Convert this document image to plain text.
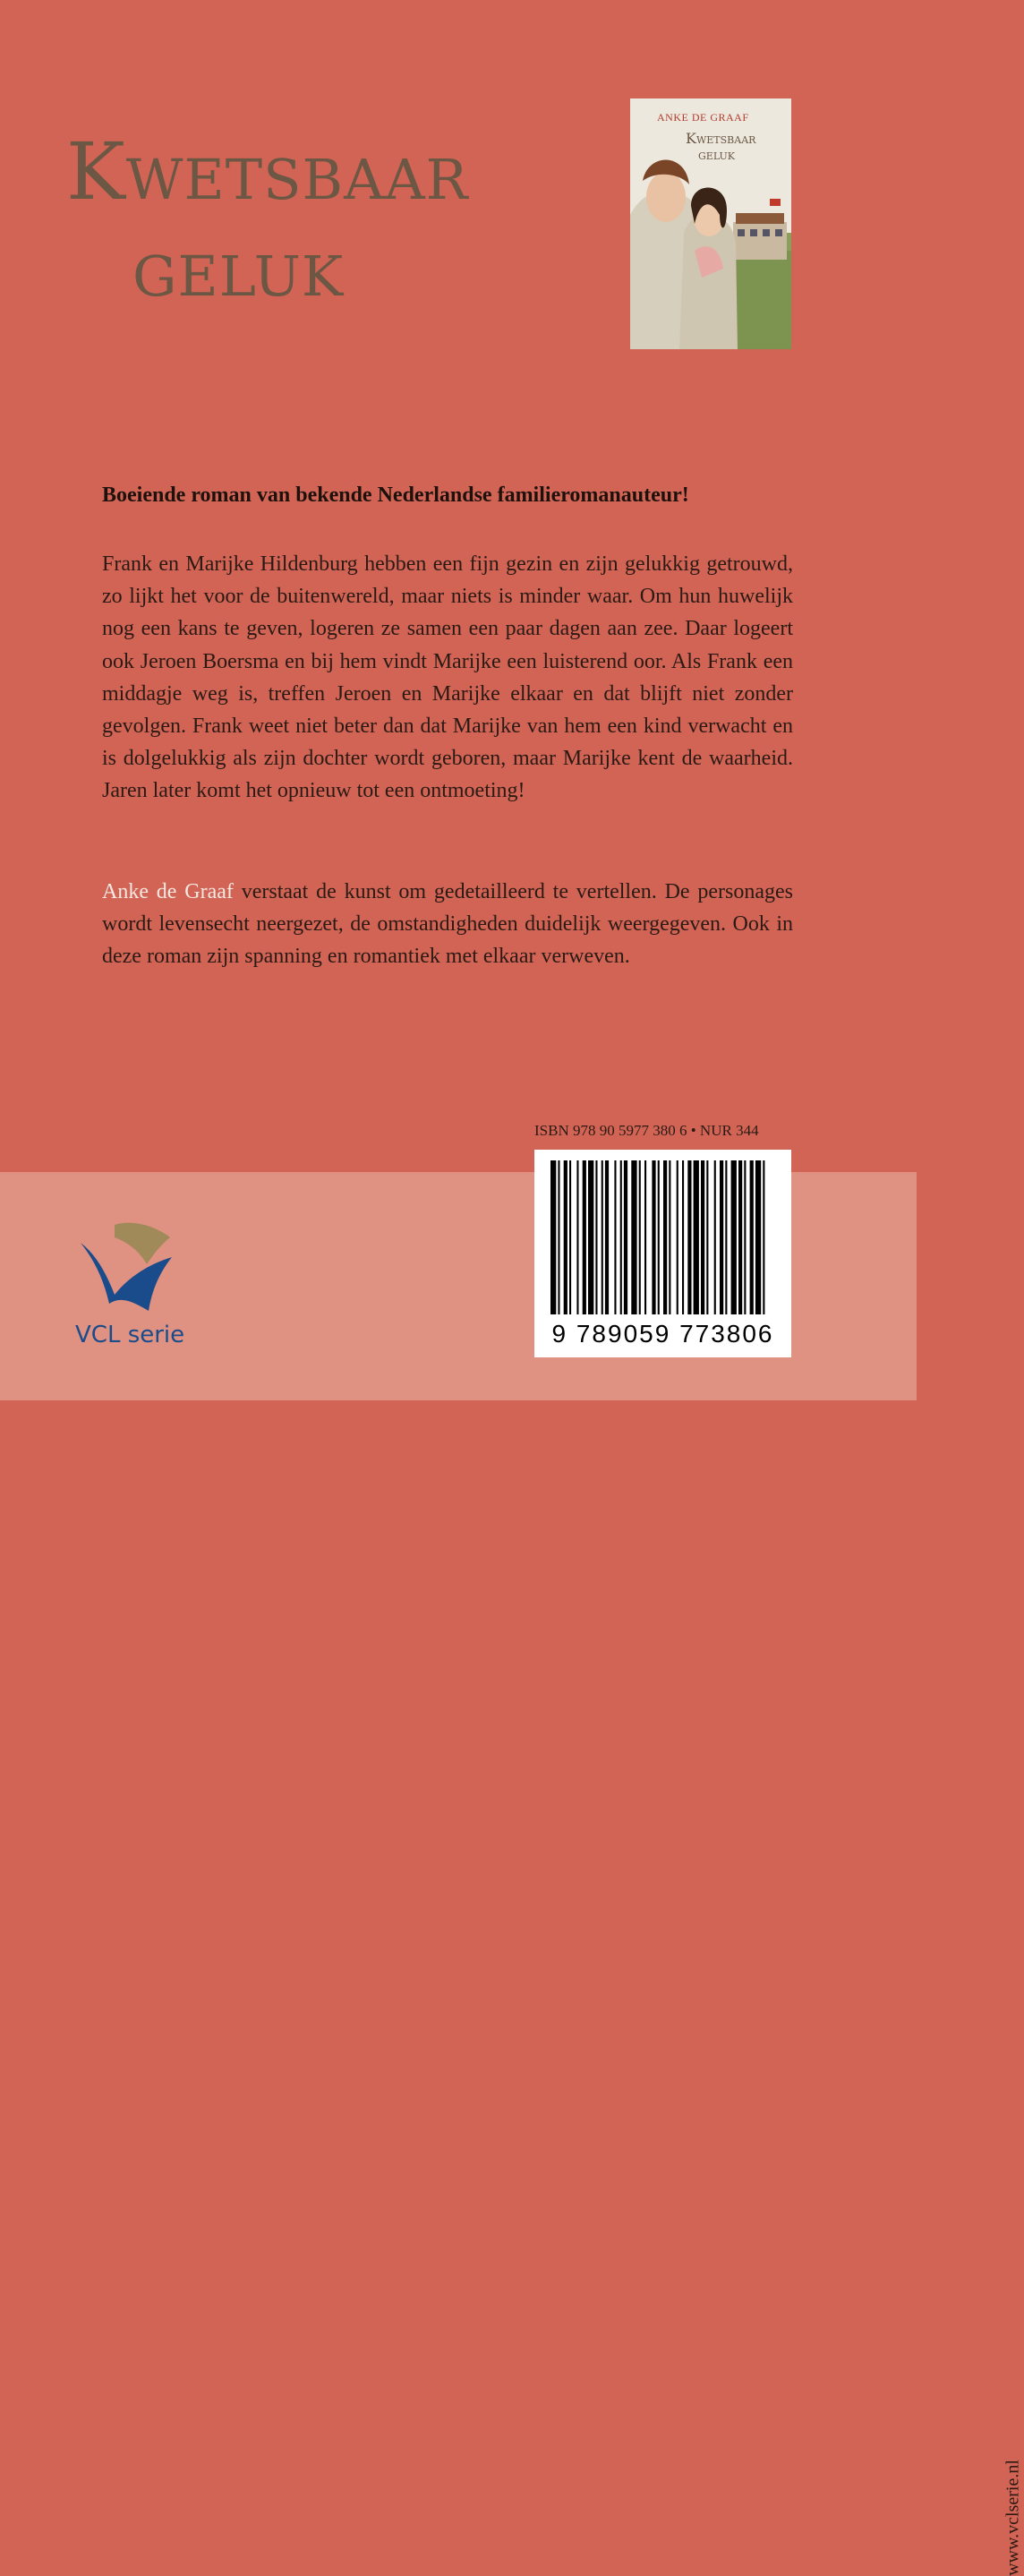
Kwetsbaar
geluk
ANKE DE GRAAF
Kwetsbaar
geluk
Boeiende roman van bekende Nederlandse familieromanauteur!
Frank en Marijke Hildenburg hebben een fijn gezin en zijn gelukkig getrouwd, zo lijkt het voor de buitenwereld, maar niets is minder waar. Om hun huwelijk nog een kans te geven, logeren ze samen een paar dagen aan zee. Daar logeert ook Jeroen Boersma en bij hem vindt Marijke een luisterend oor. Als Frank een middagje weg is, treffen Jeroen en Marijke elkaar en dat blijft niet zonder gevolgen. Frank weet niet beter dan dat Marijke van hem een kind verwacht en is dolgelukkig als zijn dochter wordt geboren, maar Marijke kent de waarheid. Jaren later komt het opnieuw tot een ontmoeting!
Anke de Graaf verstaat de kunst om gedetailleerd te vertellen. De personages wordt levensecht neergezet, de omstandigheden duidelijk weergegeven. Ook in deze roman zijn spanning en romantiek met elkaar verweven.
ISBN 978 90 5977 380 6 • NUR 344
9 789059 773806
www.vclserie.nl
VCL serie
